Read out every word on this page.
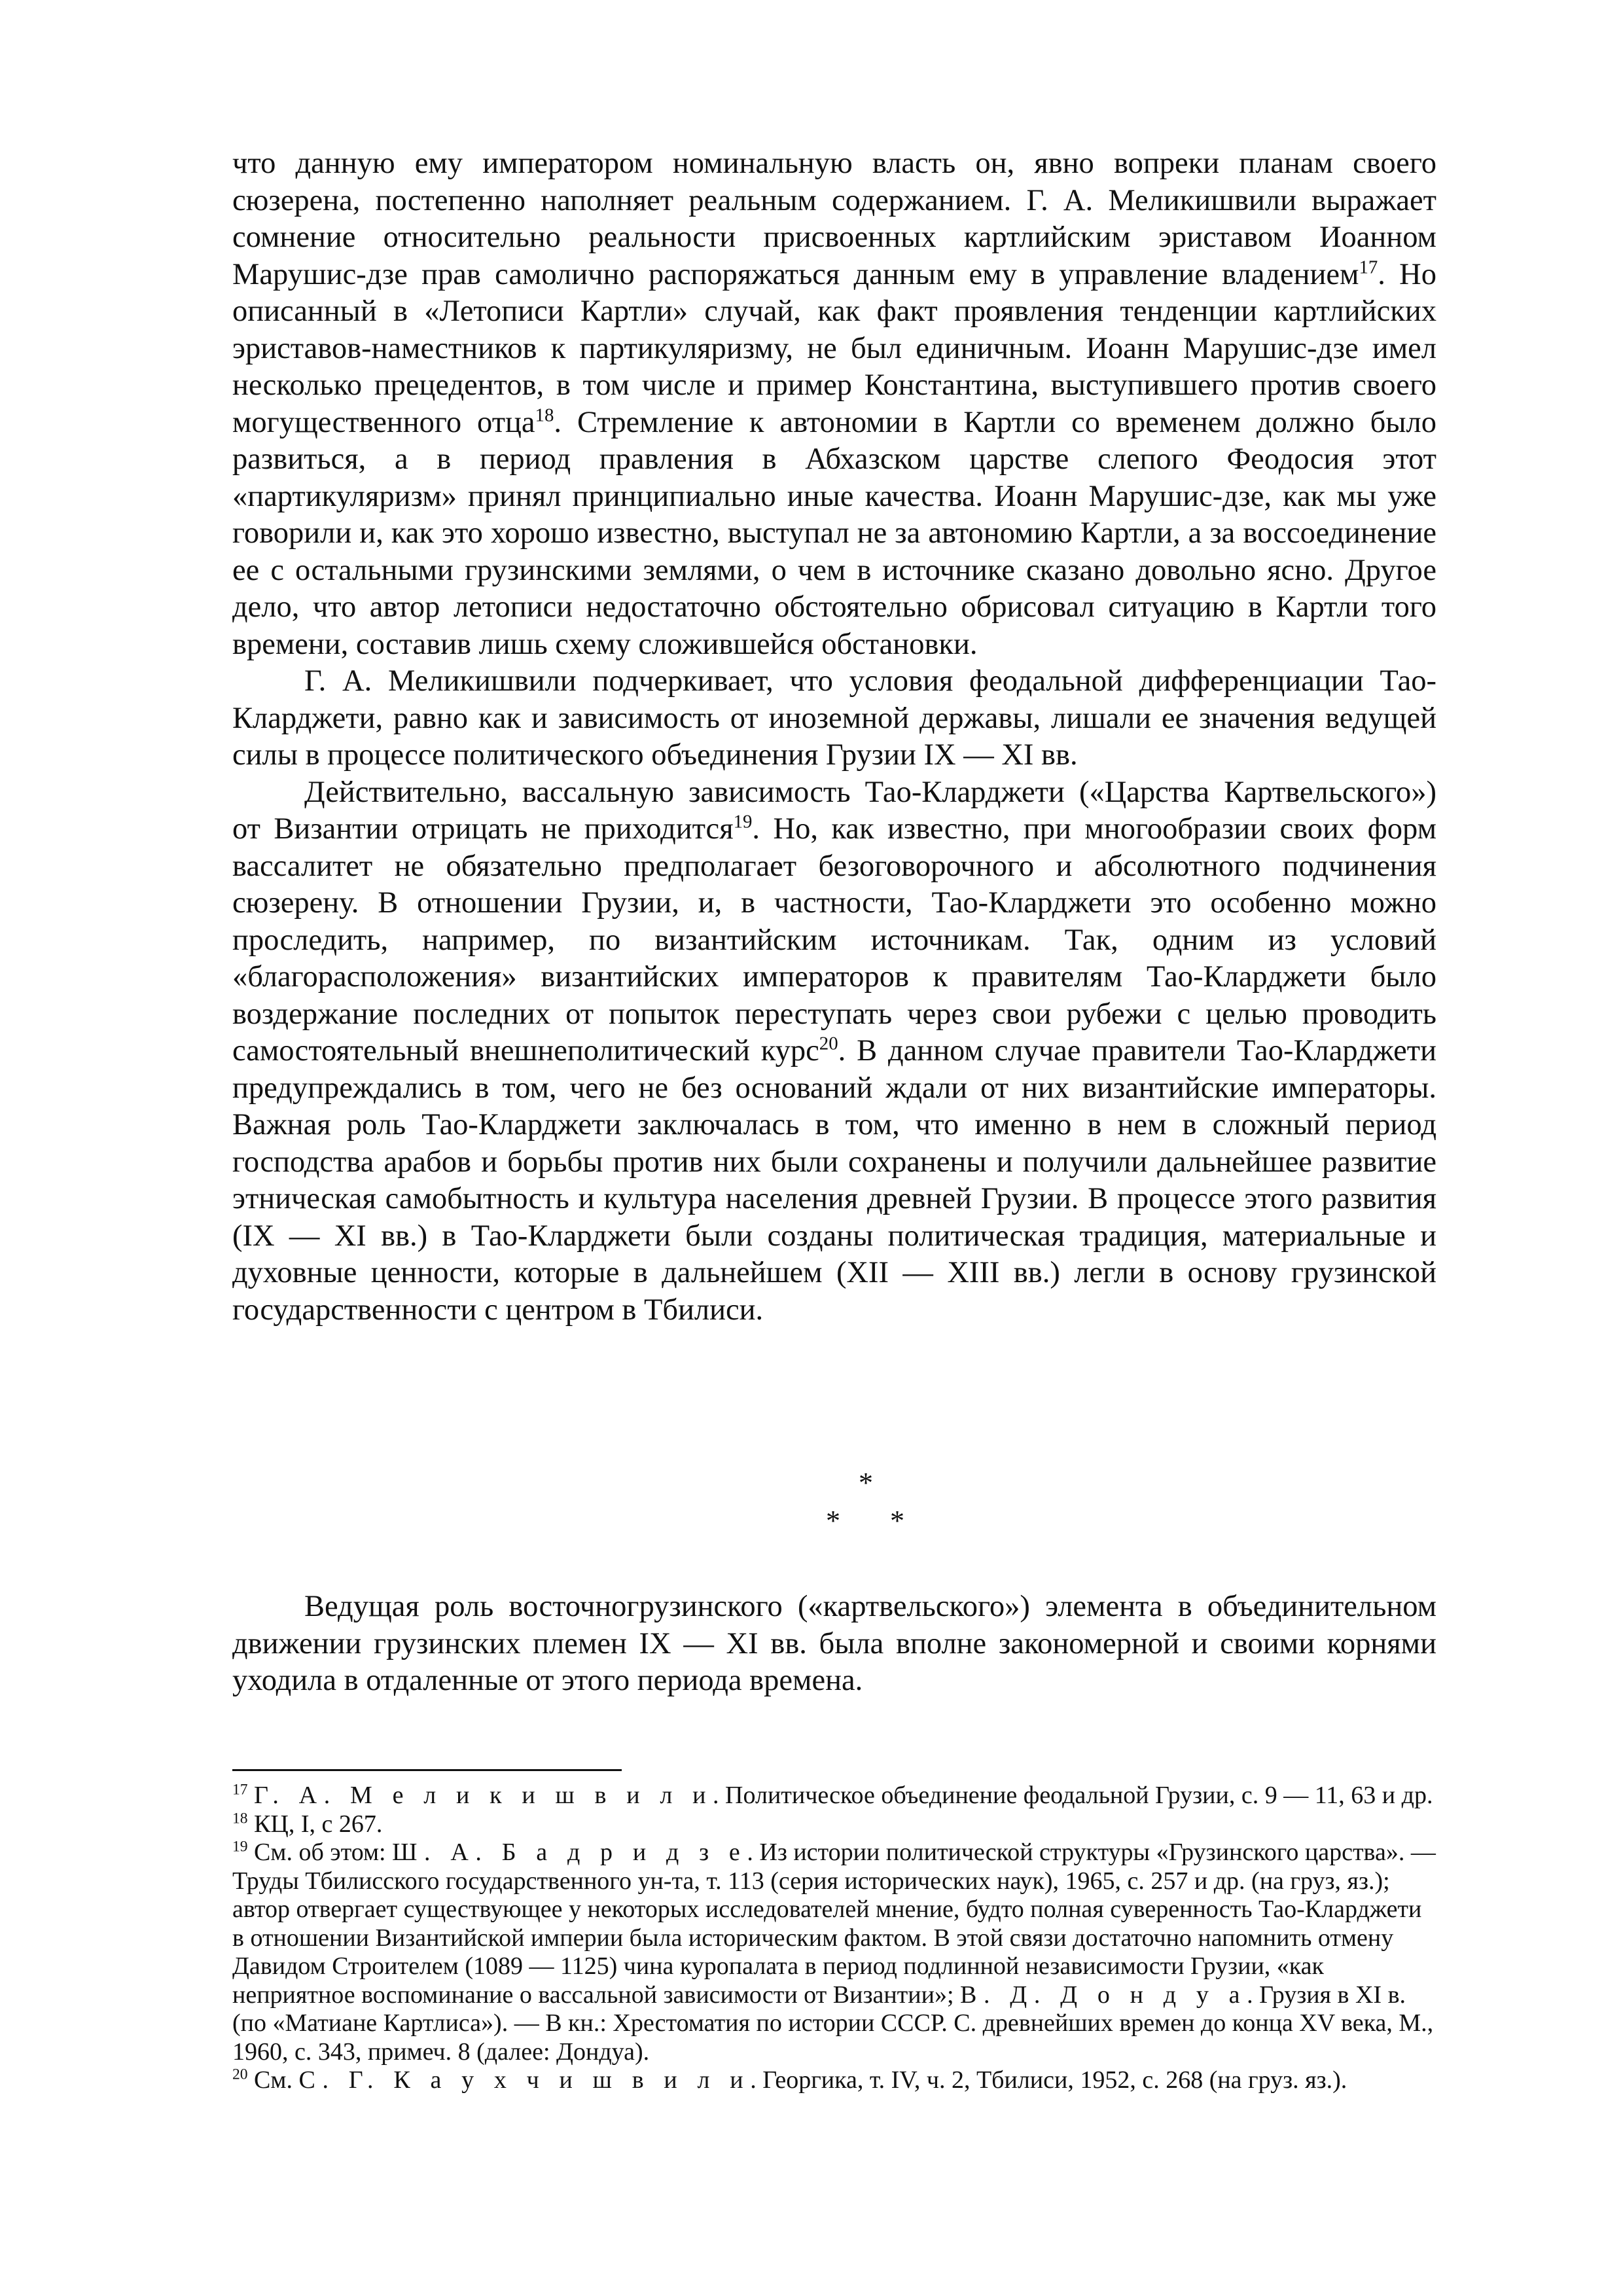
что данную ему императором номинальную власть он, явно вопреки планам своего сюзерена, постепенно наполняет реальным содержанием. Г. А. Меликишвили выражает сомнение относительно реальности присвоенных картлийским эриставом Иоанном Марушис-дзе прав самолично распоряжаться данным ему в управление владением$^{17}$. Но описанный в «Летописи Картли» случай, как факт проявления тенденции картлийских эриставов-наместников к партикуляризму, не был единичным. Иоанн Марушис-дзе имел несколько прецедентов, в том числе и пример Константина, выступившего против своего могущественного отца$^{18}$. Стремление к автономии в Картли со временем должно было развиться, а в период правления в Абхазском царстве слепого Феодосия этот «партикуляризм» принял принципиально иные качества. Иоанн Марушис-дзе, как мы уже говорили и, как это хорошо известно, выступал не за автономию Картли, а за воссоединение ее с остальными грузинскими землями, о чем в источнике сказано довольно ясно. Другое дело, что автор летописи недостаточно обстоятельно обрисовал ситуацию в Картли того времени, составив лишь схему сложившейся обстановки.

Г. А. Меликишвили подчеркивает, что условия феодальной дифференциации Тао-Кларджети, равно как и зависимость от иноземной державы, лишали ее значения ведущей силы в процессе политического объединения Грузии IX — XI вв.

Действительно, вассальную зависимость Тао-Кларджети («Царства Картвельского») от Византии отрицать не приходится$^{19}$. Но, как известно, при многообразии своих форм вассалитет не обязательно предполагает безоговорочного и абсолютного подчинения сюзерену. В отношении Грузии, и, в частности, Тао-Кларджети это особенно можно проследить, например, по византийским источникам. Так, одним из условий «благорасположения» византийских императоров к правителям Тао-Кларджети было воздержание последних от попыток переступать через свои рубежи с целью проводить самостоятельный внешнеполитический курс$^{20}$. В данном случае правители Тао-Кларджети предупреждались в том, чего не без оснований ждали от них византийские императоры. Важная роль Тао-Кларджети заключалась в том, что именно в нем в сложный период господства арабов и борьбы против них были сохранены и получили дальнейшее развитие этническая самобытность и культура населения древней Грузии. В процессе этого развития (IX — XI вв.) в Тао-Кларджети были созданы политическая традиция, материальные и духовные ценности, которые в дальнейшем (XII — XIII вв.) легли в основу грузинской государственности с центром в Тбилиси.

*
* *

Ведущая роль восточногрузинского («картвельского») элемента в объединительном движении грузинских племен IX — XI вв. была вполне закономерной и своими корнями уходила в отдаленные от этого периода времена.

$^{17}$ Г. А. М е л и к и ш в и л и. Политическое объединение феодальной Грузии, с. 9 — 11, 63 и др.

$^{18}$ КЦ, I, с 267.

$^{19}$ См. об этом: Ш. А. Б а д р и д з е. Из истории политической структуры «Грузинского царства». — Труды Тбилисского государственного ун-та, т. 113 (серия исторических наук), 1965, с. 257 и др. (на груз, яз.); автор отвергает существующее у некоторых исследователей мнение, будто полная суверенность Тао-Кларджети в отношении Византийской империи была историческим фактом. В этой связи достаточно напомнить отмену Давидом Строителем (1089 — 1125) чина куропалата в период подлинной независимости Грузии, «как неприятное воспоминание о вассальной зависимости от Византии»; В. Д. Д о н д у а. Грузия в XI в. (по «Матиане Картлиса»). — В кн.: Хрестоматия по истории СССР. С. древнейших времен до конца XV века, М., 1960, с. 343, примеч. 8 (далее: Дондуа).

$^{20}$ См. С. Г. К а у х ч и ш в и л и. Георгика, т. IV, ч. 2, Тбилиси, 1952, с. 268 (на груз. яз.).
